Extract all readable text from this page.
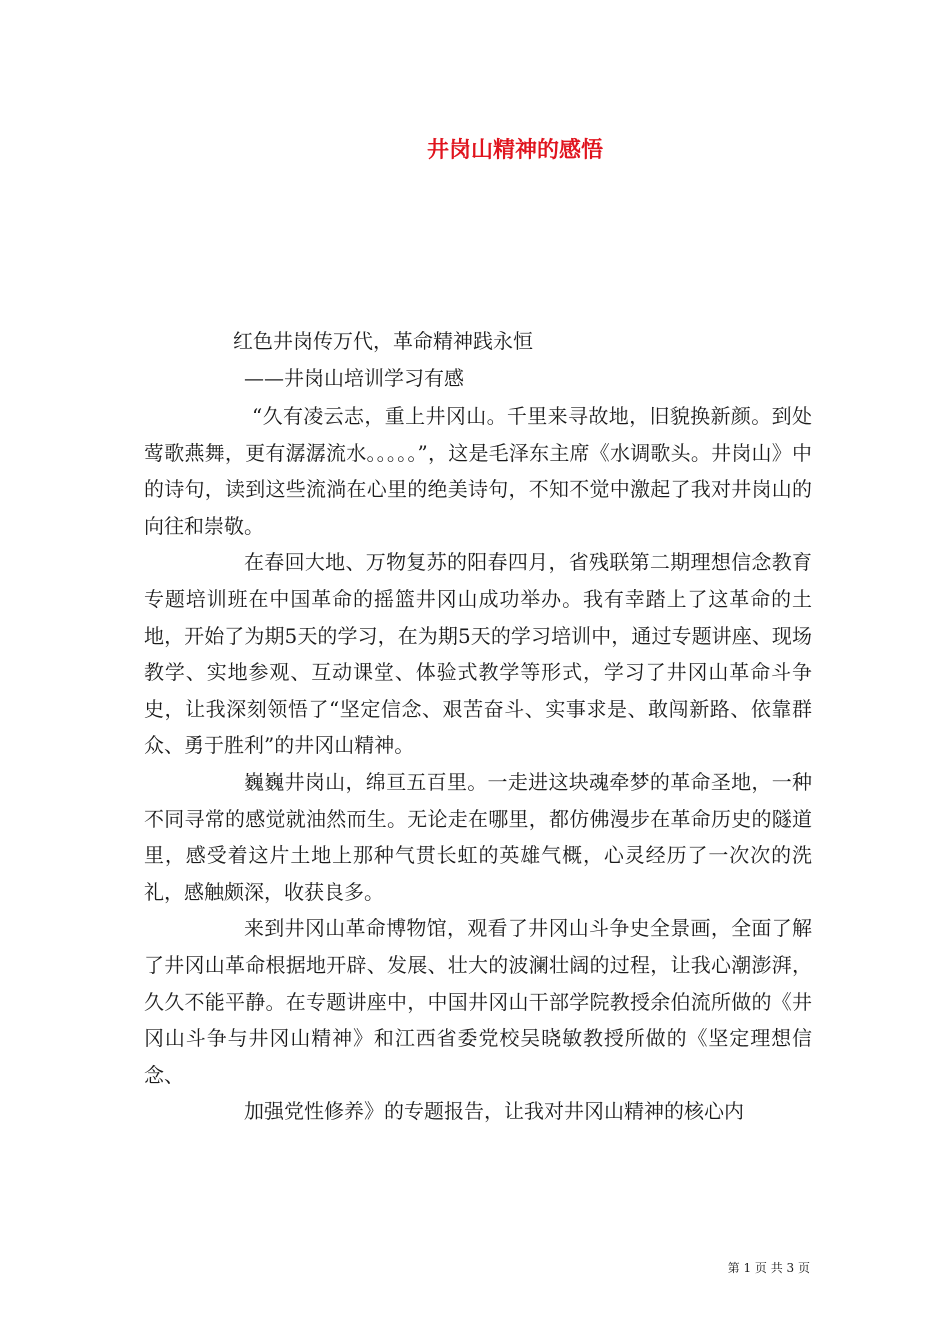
井岗山精神的感悟
红色井岗传万代，革命精神践永恒
——井岗山培训学习有感

“久有凌云志，重上井冈山。千里来寻故地，旧貌换新颜。到处莺歌燕舞，更有潺潺流水。。。。。”，这是毛泽东主席《水调歌头。井岗山》中的诗句，读到这些流淌在心里的绝美诗句，不知不觉中激起了我对井岗山的向往和崇敬。

在春回大地、万物复苏的阳春四月，省残联第二期理想信念教育专题培训班在中国革命的摇篮井冈山成功举办。我有幸踏上了这革命的土地，开始了为期5天的学习，在为期5天的学习培训中，通过专题讲座、现场教学、实地参观、互动课堂、体验式教学等形式，学习了井冈山革命斗争史，让我深刻领悟了“坚定信念、艰苦奋斗、实事求是、敢闯新路、依靠群众、勇于胜利”的井冈山精神。

巍巍井岗山，绵亘五百里。一走进这块魂牵梦的革命圣地，一种不同寻常的感觉就油然而生。无论走在哪里，都仿佛漫步在革命历史的隧道里，感受着这片土地上那种气贯长虹的英雄气概，心灵经历了一次次的洗礼，感触颇深，收获良多。

来到井冈山革命博物馆，观看了井冈山斗争史全景画，全面了解了井冈山革命根据地开辟、发展、壮大的波澜壮阔的过程，让我心潮澎湃，久久不能平静。在专题讲座中，中国井冈山干部学院教授余伯流所做的《井冈山斗争与井冈山精神》和江西省委党校吴晓敏教授所做的《坚定理想信念、

加强党性修养》的专题报告，让我对井冈山精神的核心内

第 1 页 共 3 页
